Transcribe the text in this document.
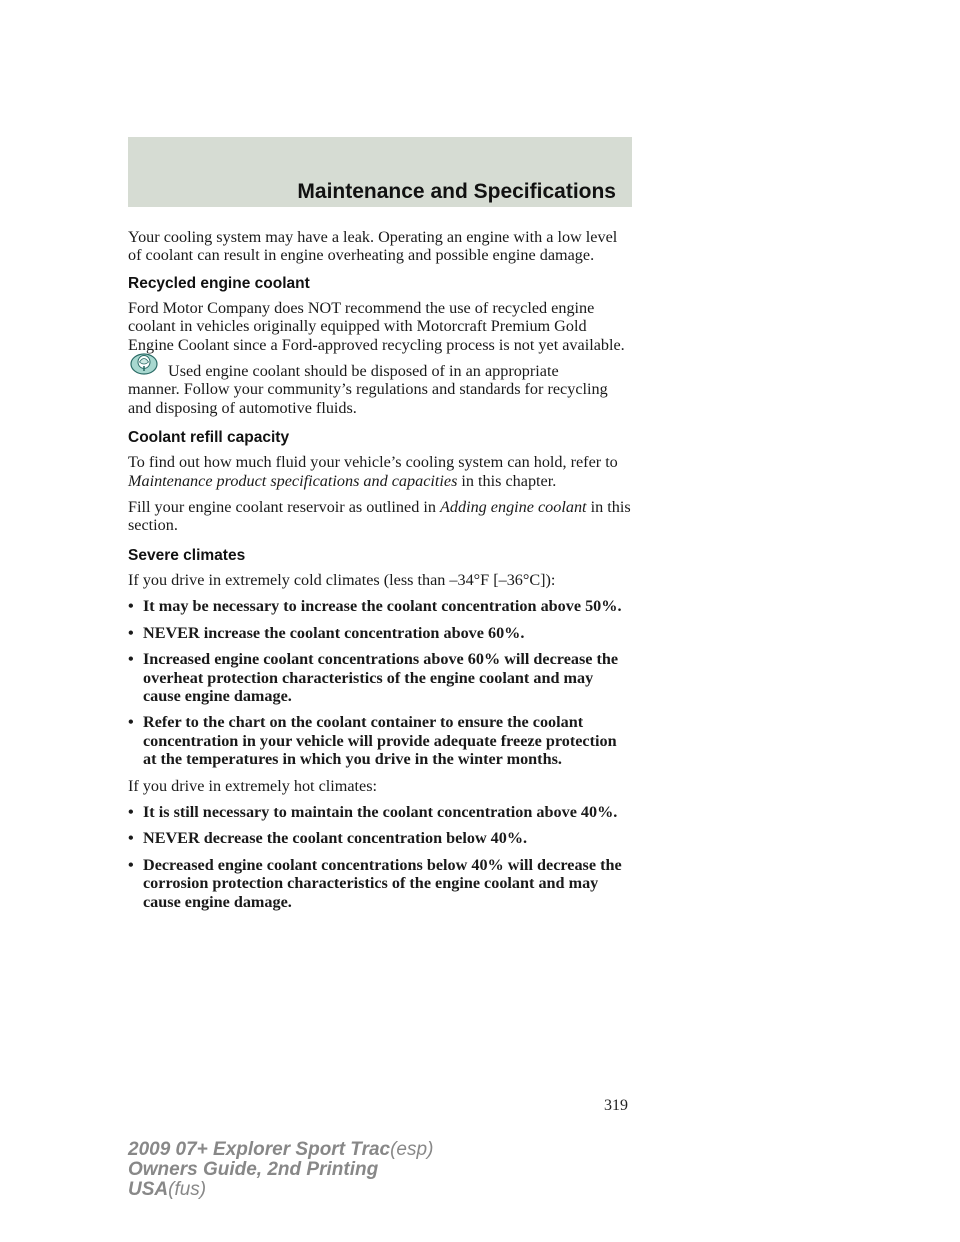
Maintenance and Specifications

Your cooling system may have a leak. Operating an engine with a low level of coolant can result in engine overheating and possible engine damage.

Recycled engine coolant

Ford Motor Company does NOT recommend the use of recycled engine coolant in vehicles originally equipped with Motorcraft Premium Gold Engine Coolant since a Ford-approved recycling process is not yet available.

Used engine coolant should be disposed of in an appropriate
manner. Follow your community’s regulations and standards for recycling and disposing of automotive fluids.

Coolant refill capacity

To find out how much fluid your vehicle’s cooling system can hold, refer to Maintenance product specifications and capacities in this chapter.

Fill your engine coolant reservoir as outlined in Adding engine coolant in this section.

Severe climates

If you drive in extremely cold climates (less than –34°F [–36°C]):

• It may be necessary to increase the coolant concentration above 50%.
• NEVER increase the coolant concentration above 60%.
• Increased engine coolant concentrations above 60% will decrease the overheat protection characteristics of the engine coolant and may cause engine damage.
• Refer to the chart on the coolant container to ensure the coolant concentration in your vehicle will provide adequate freeze protection at the temperatures in which you drive in the winter months.

If you drive in extremely hot climates:

• It is still necessary to maintain the coolant concentration above 40%.
• NEVER decrease the coolant concentration below 40%.
• Decreased engine coolant concentrations below 40% will decrease the corrosion protection characteristics of the engine coolant and may cause engine damage.
319
2009 07+ Explorer Sport Trac(esp)
Owners Guide, 2nd Printing
USA(fus)
